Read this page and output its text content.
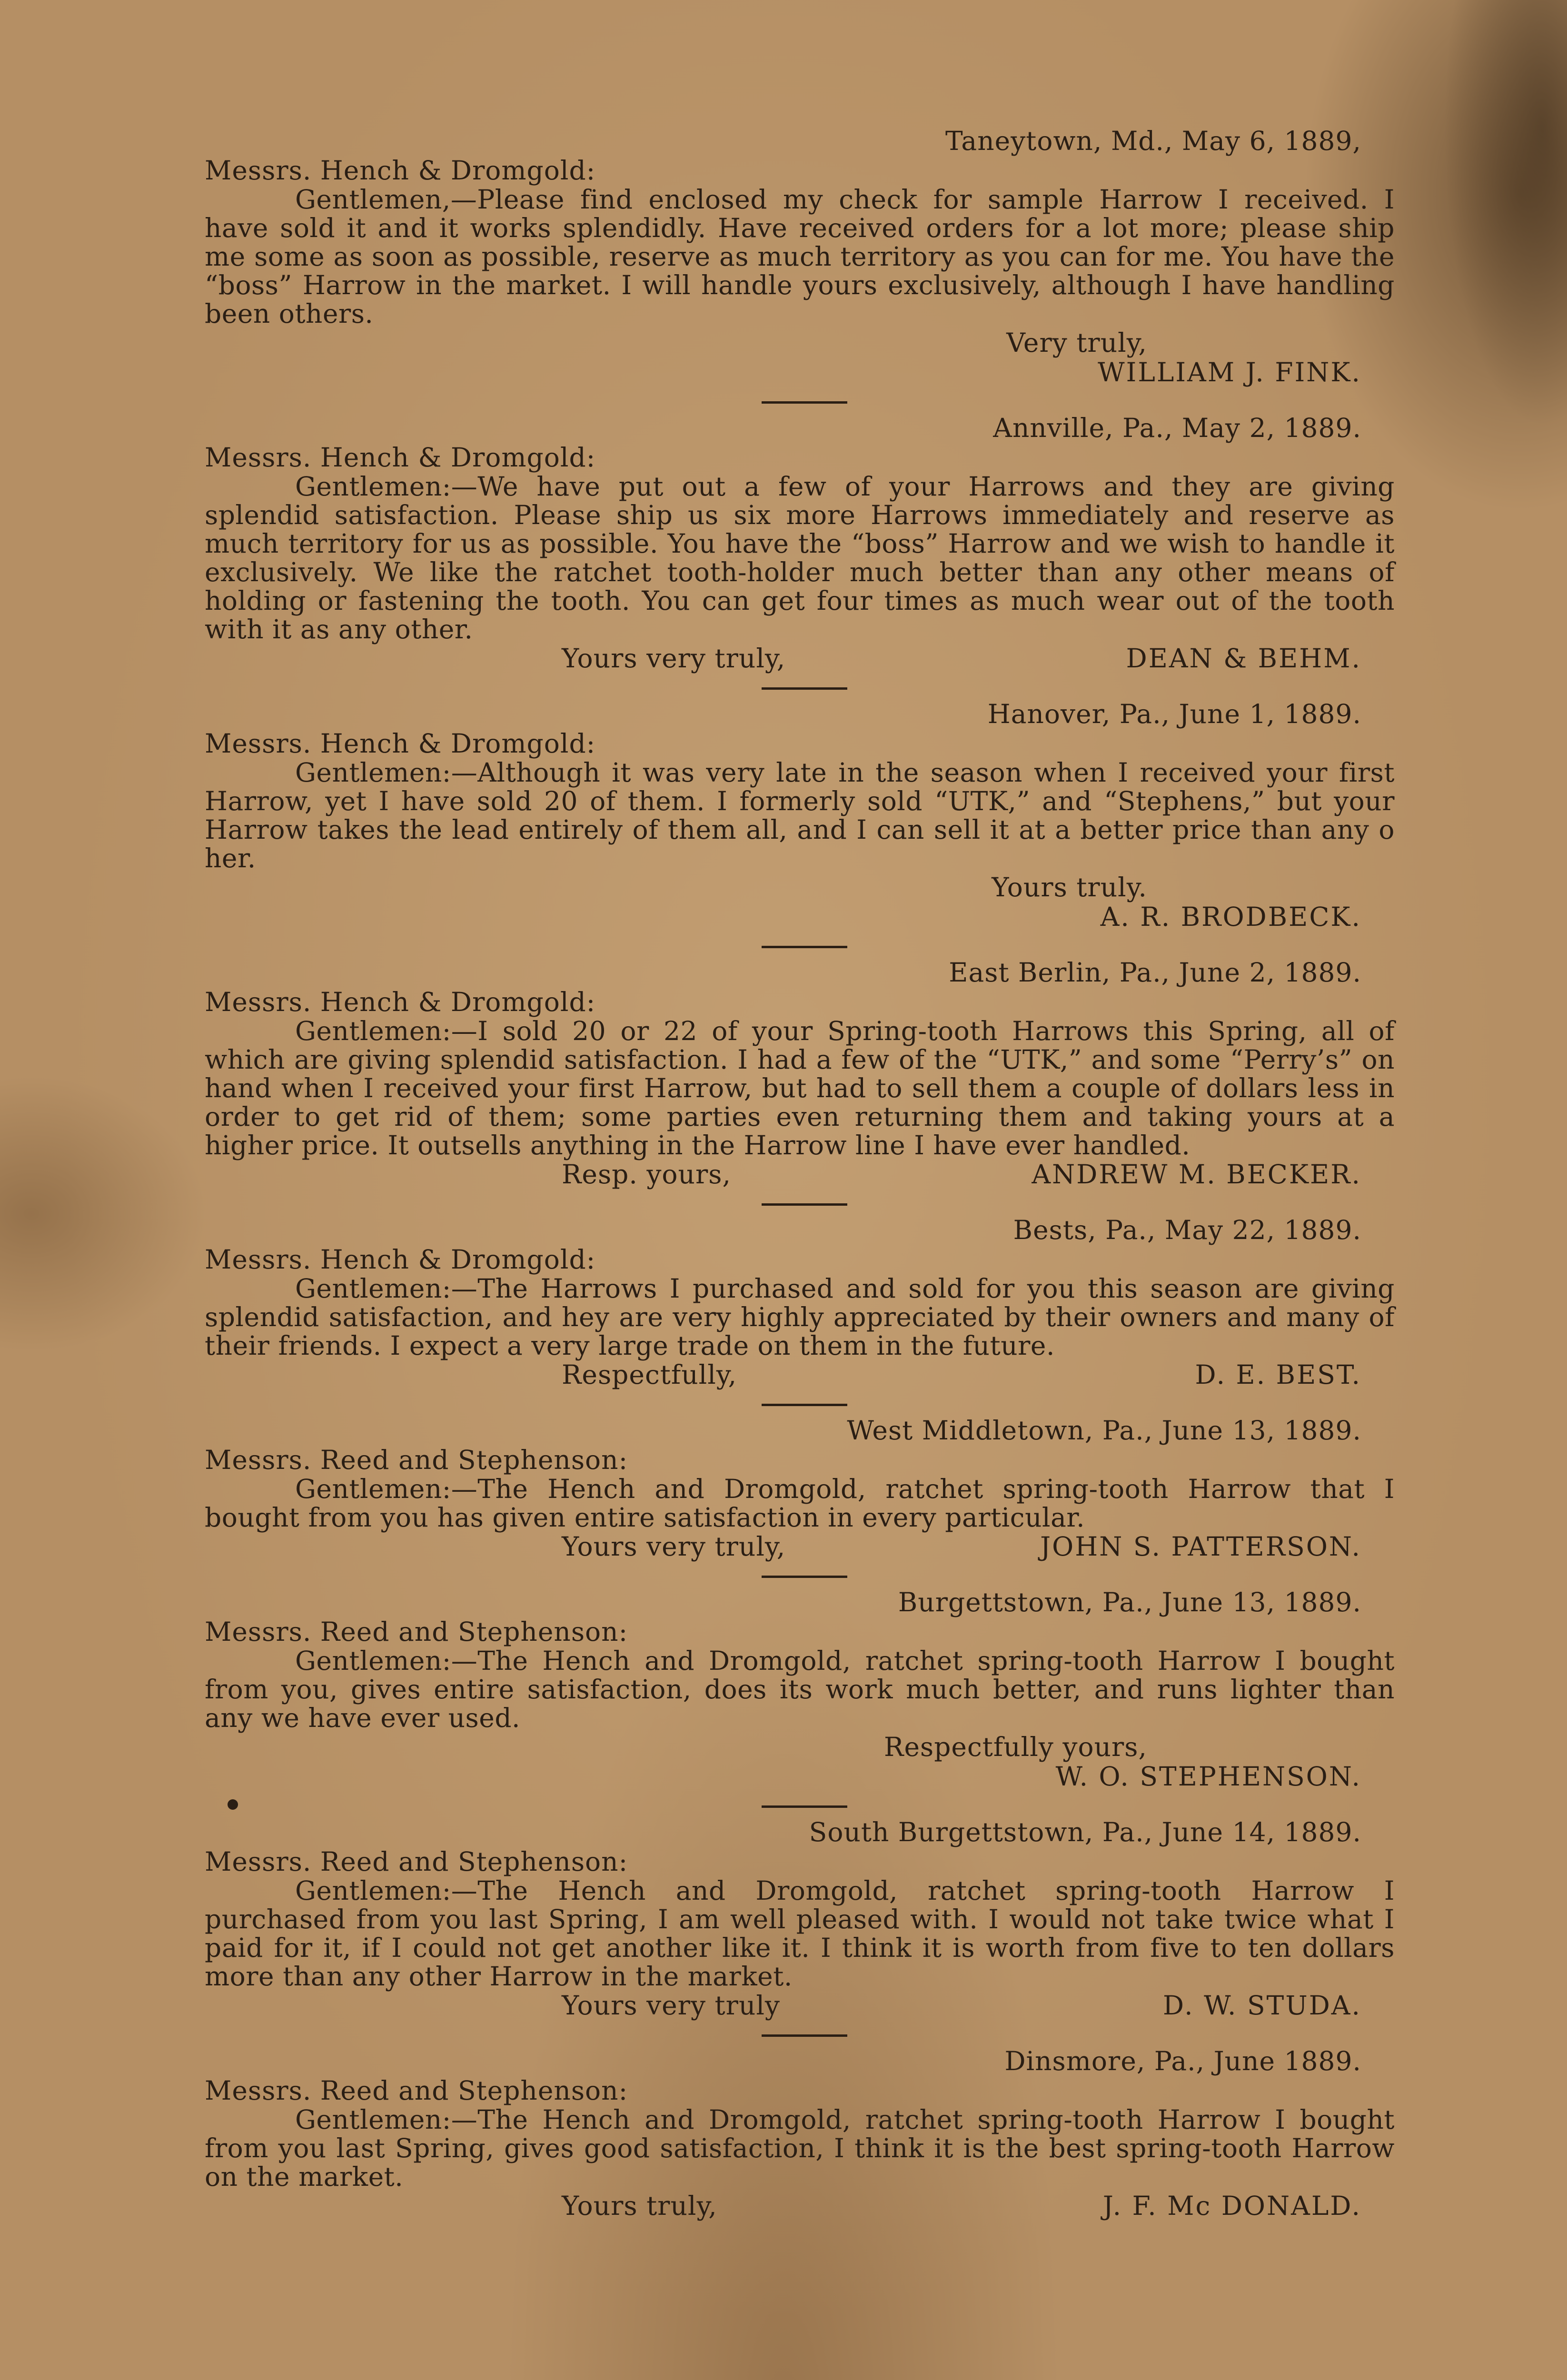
Taneytown, Md., May 6, 1889,
Messrs. Hench & Dromgold:
Gentlemen,—Please find enclosed my check for sample Harrow I received. I have sold it and it works splendidly. Have received orders for a lot more; please ship me some as soon as possible, reserve as much territory as you can for me. You have the “boss” Harrow in the market. I will handle yours exclusively, although I have handling been others.
Very truly,
WILLIAM J. FINK.
Annville, Pa., May 2, 1889.
Messrs. Hench & Dromgold:
Gentlemen:—We have put out a few of your Harrows and they are giving splendid satisfaction. Please ship us six more Harrows immediately and reserve as much territory for us as possible. You have the “boss” Harrow and we wish to handle it exclusively. We like the ratchet tooth-holder much better than any other means of holding or fastening the tooth. You can get four times as much wear out of the tooth with it as any other.
Yours very truly,	DEAN & BEHM.
Hanover, Pa., June 1, 1889.
Messrs. Hench & Dromgold:
Gentlemen:—Although it was very late in the season when I received your first Harrow, yet I have sold 20 of them. I formerly sold “UTK,” and “Stephens,” but your Harrow takes the lead entirely of them all, and I can sell it at a better price than any o her.
Yours truly.
A. R. BRODBECK.
East Berlin, Pa., June 2, 1889.
Messrs. Hench & Dromgold:
Gentlemen:—I sold 20 or 22 of your Spring-tooth Harrows this Spring, all of which are giving splendid satisfaction. I had a few of the “UTK,” and some “Perry’s” on hand when I received your first Harrow, but had to sell them a couple of dollars less in order to get rid of them; some parties even returning them and taking yours at a higher price. It outsells anything in the Harrow line I have ever handled.
Resp. yours,	ANDREW M. BECKER.
Bests, Pa., May 22, 1889.
Messrs. Hench & Dromgold:
Gentlemen:—The Harrows I purchased and sold for you this season are giving splendid satisfaction, and hey are very highly appreciated by their owners and many of their friends. I expect a very large trade on them in the future.
Respectfully,	D. E. BEST.
West Middletown, Pa., June 13, 1889.
Messrs. Reed and Stephenson:
Gentlemen:—The Hench and Dromgold, ratchet spring-tooth Harrow that I bought from you has given entire satisfaction in every particular.
Yours very truly,	JOHN S. PATTERSON.
Burgettstown, Pa., June 13, 1889.
Messrs. Reed and Stephenson:
Gentlemen:—The Hench and Dromgold, ratchet spring-tooth Harrow I bought from you, gives entire satisfaction, does its work much better, and runs lighter than any we have ever used.
Respectfully yours,
W. O. STEPHENSON.
South Burgettstown, Pa., June 14, 1889.
Messrs. Reed and Stephenson:
Gentlemen:—The Hench and Dromgold, ratchet spring-tooth Harrow I purchased from you last Spring, I am well pleased with. I would not take twice what I paid for it, if I could not get another like it. I think it is worth from five to ten dollars more than any other Harrow in the market.
Yours very truly	D. W. STUDA.
Dinsmore, Pa., June 1889.
Messrs. Reed and Stephenson:
Gentlemen:—The Hench and Dromgold, ratchet spring-tooth Harrow I bought from you last Spring, gives good satisfaction, I think it is the best spring-tooth Harrow on the market.
Yours truly,	J. F. Mc DONALD.
